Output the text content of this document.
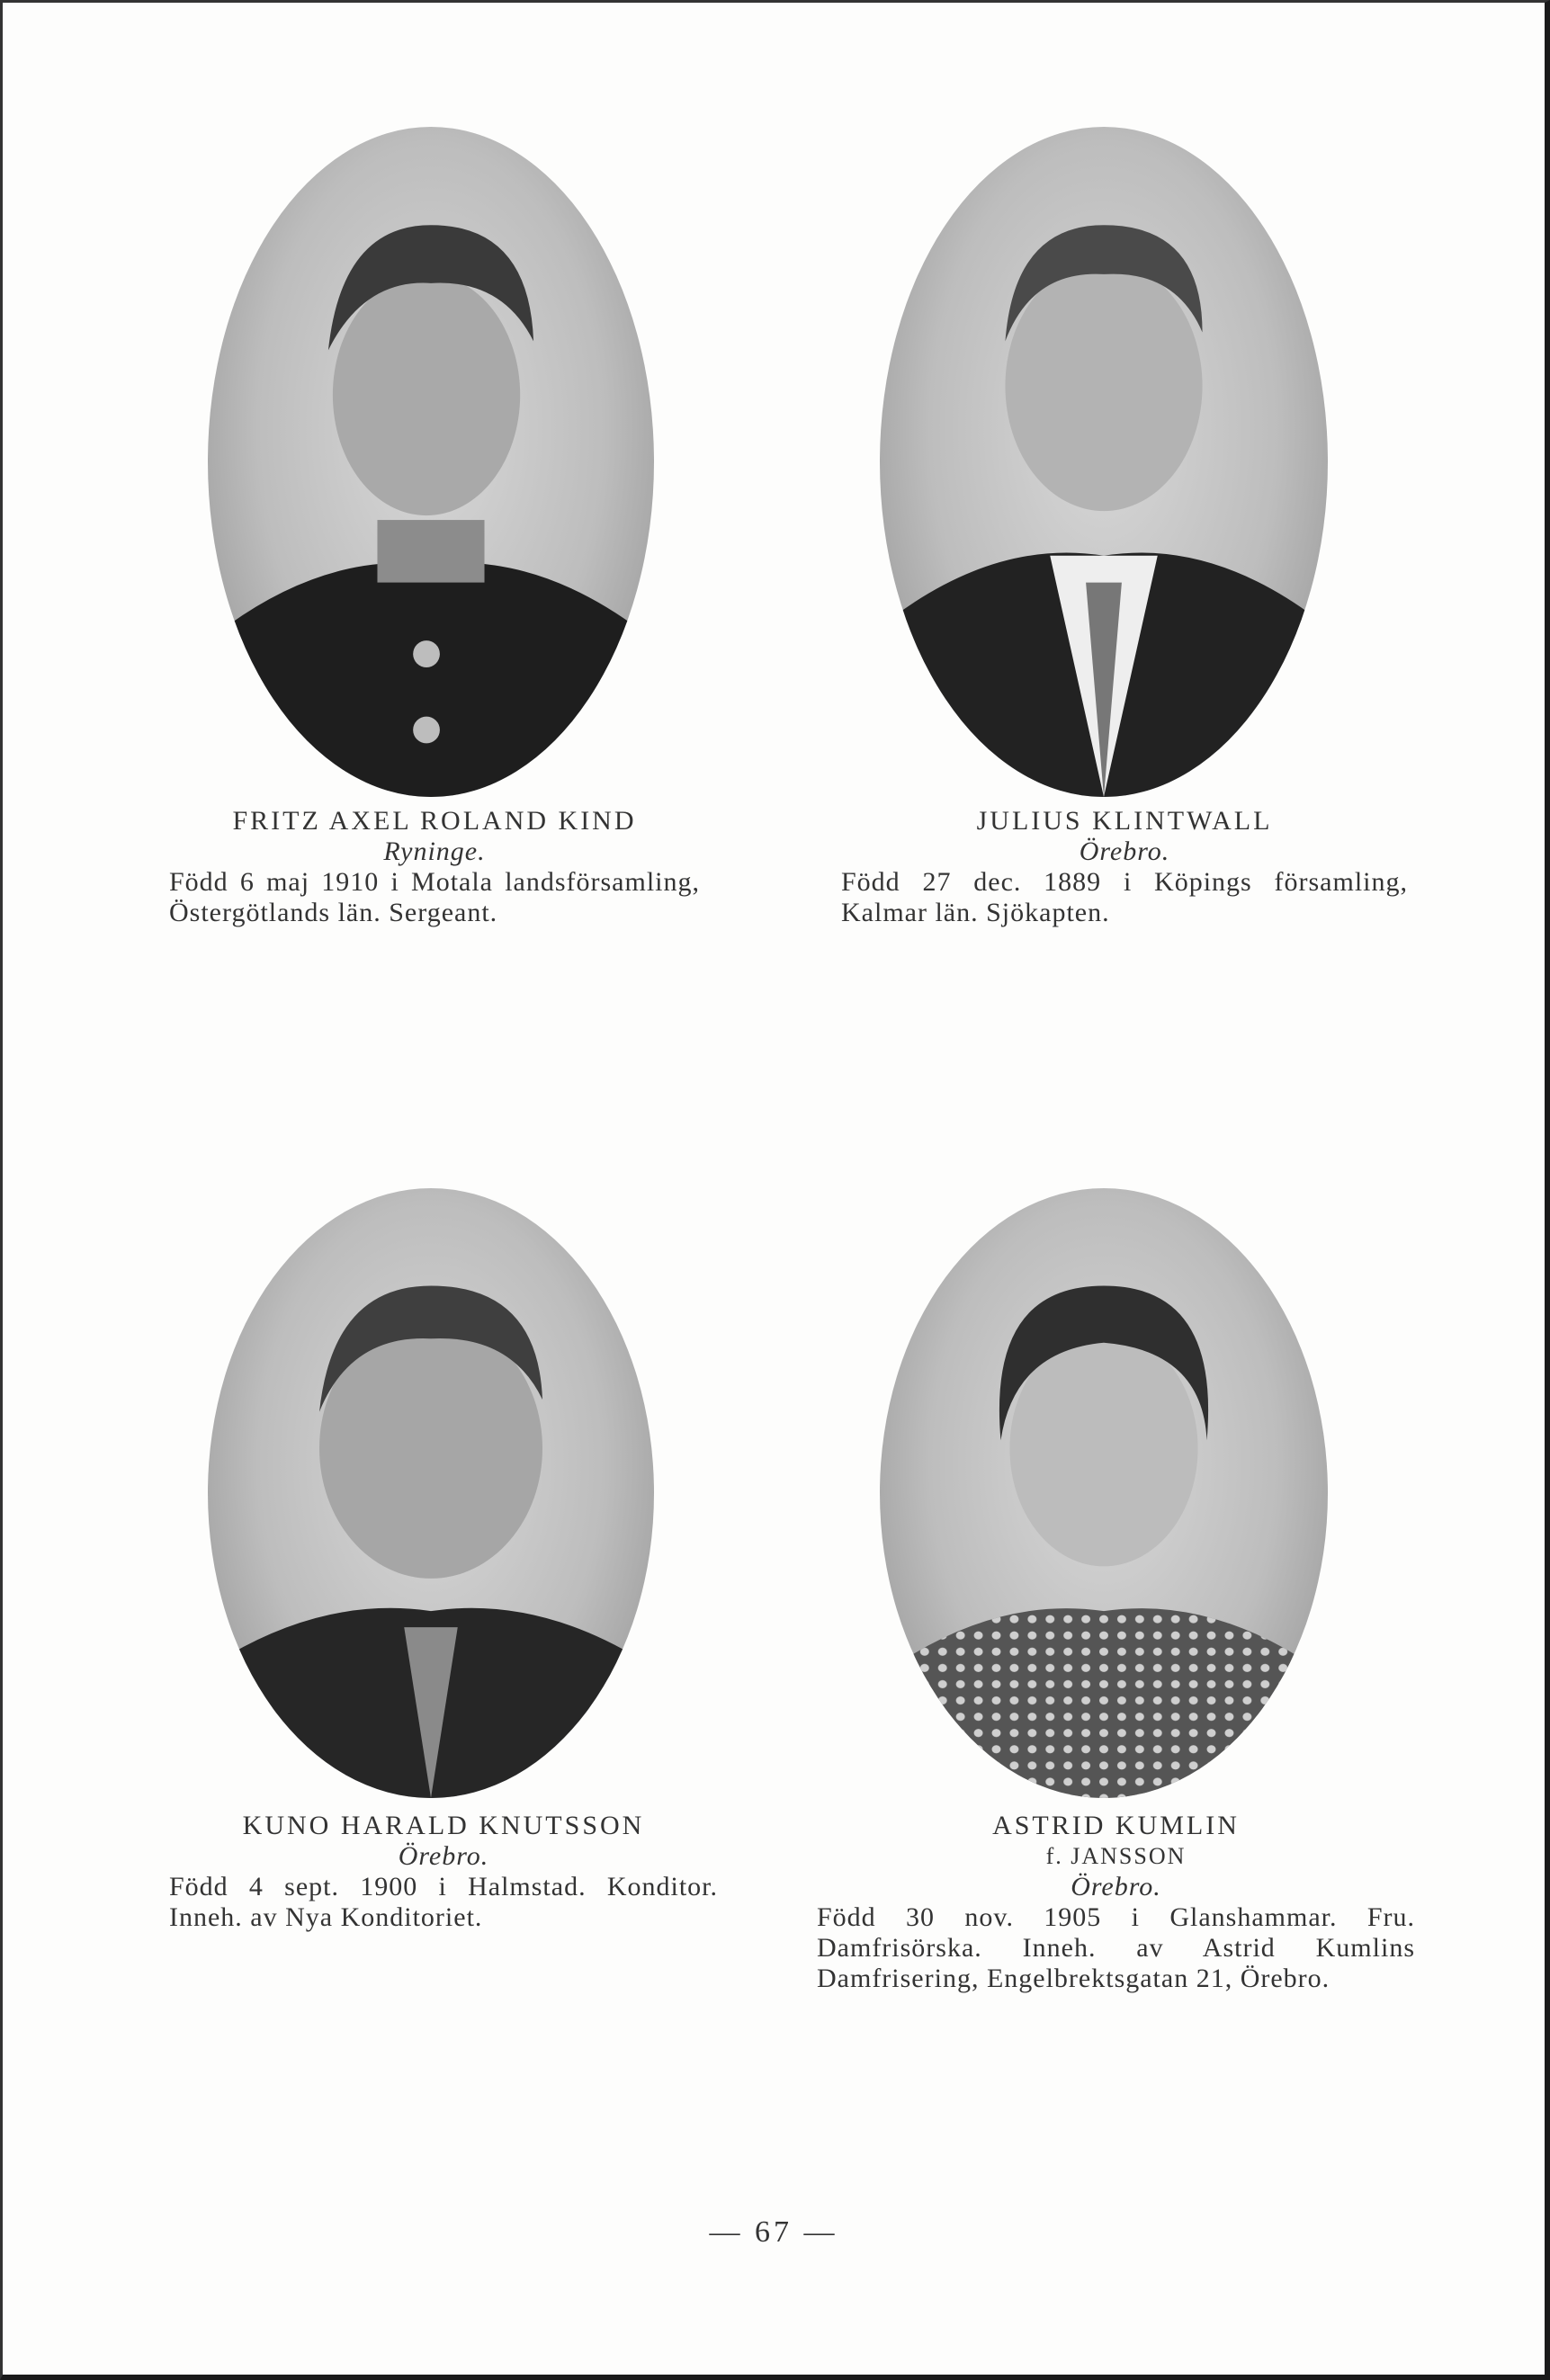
FRITZ AXEL ROLAND KIND
Ryninge.
Född 6 maj 1910 i Motala landsförsamling, Östergötlands län. Sergeant.
JULIUS KLINTWALL
Örebro.
Född 27 dec. 1889 i Köpings församling, Kalmar län. Sjökapten.
KUNO HARALD KNUTSSON
Örebro.
Född 4 sept. 1900 i Halmstad. Konditor. Inneh. av Nya Konditoriet.
ASTRID KUMLIN
f. JANSSON
Örebro.
Född 30 nov. 1905 i Glanshammar. Fru. Damfrisörska. Inneh. av Astrid Kumlins Damfrisering, Engelbrektsgatan 21, Örebro.
— 67 —
